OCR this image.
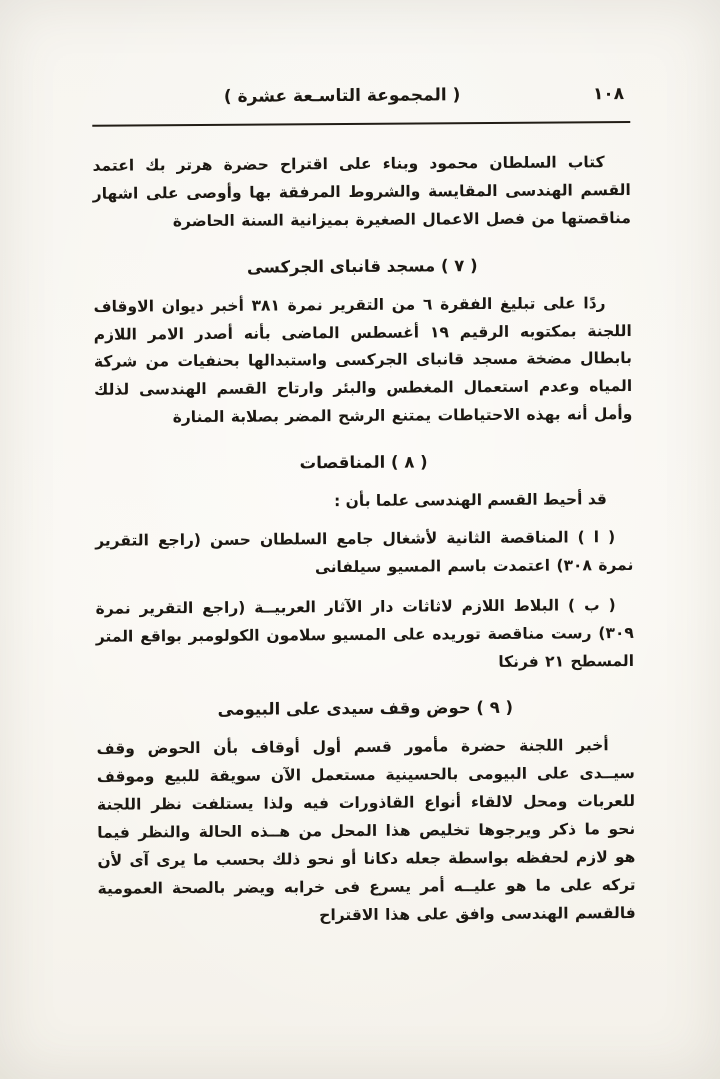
( المجموعة التاسـعة عشرة )	١٠٨

كتاب السلطان محمود وبناء على اقتراح حضرة هرتر بك اعتمد القسم الهندسى المقايسة والشروط المرفقة بها وأوصى على اشهار مناقصتها من فصل الاعمال الصغيرة بميزانية السنة الحاضرة

( ٧ ) مسجد قانباى الجركسى

ردًا على تبليغ الفقرة ٦ من التقرير نمرة ٣٨١ أخبر ديوان الاوقاف اللجنة بمكتوبه الرقيم ١٩ أغسطس الماضى بأنه أصدر الامر اللازم بابطال مضخة مسجد قانباى الجركسى واستبدالها بحنفيات من شركة المياه وعدم استعمال المغطس والبئر وارتاح القسم الهندسى لذلك وأمل أنه بهذه الاحتياطات يمتنع الرشح المضر بصلابة المنارة

( ٨ ) المناقصات

قد أحيط القسم الهندسى علما بأن :

( ا ) المناقصة الثانية لأشغال جامع السلطان حسن (راجع التقرير نمرة ٣٠٨) اعتمدت باسم المسيو سيلفانى

( ب ) البلاط اللازم لاثاثات دار الآثار العربيــة (راجع التقرير نمرة ٣٠٩) رست مناقصة توريده على المسيو سلامون الكولومبر بواقع المتر المسطح ٢١ فرنكا

( ٩ ) حوض وقف سيدى على البيومى

أخبر اللجنة حضرة مأمور قسم أول أوقاف بأن الحوض وقف سيــدى على البيومى بالحسينية مستعمل الآن سويقة للبيع وموقف للعربات ومحل لالقاء أنواع القاذورات فيه ولذا يستلفت نظر اللجنة نحو ما ذكر ويرجوها تخليص هذا المحل من هــذه الحالة والنظر فيما هو لازم لحفظه بواسطة جعله دكانا أو نحو ذلك بحسب ما يرى آى لأن تركه على ما هو عليــه أمر يسرع فى خرابه ويضر بالصحة العمومية فالقسم الهندسى وافق على هذا الاقتراح
